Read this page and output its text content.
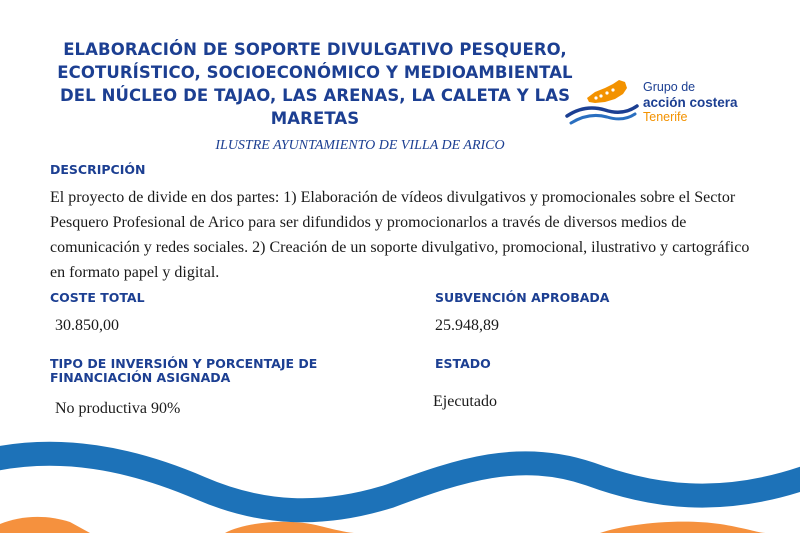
ELABORACIÓN DE SOPORTE DIVULGATIVO PESQUERO, ECOTURÍSTICO, SOCIOECONÓMICO Y MEDIOAMBIENTAL DEL NÚCLEO DE TAJAO, LAS ARENAS, LA CALETA Y LAS MARETAS
ILUSTRE AYUNTAMIENTO DE VILLA DE ARICO
Grupo de
acción costera
Tenerife
DESCRIPCIÓN
El proyecto de divide en dos partes: 1) Elaboración de vídeos divulgativos y promocionales sobre el Sector Pesquero Profesional de Arico para ser difundidos y promocionarlos a través de diversos medios de comunicación y redes sociales. 2) Creación de un soporte divulgativo, promocional, ilustrativo y cartográfico en formato papel y digital.
COSTE TOTAL
30.850,00
SUBVENCIÓN APROBADA
25.948,89
TIPO DE INVERSIÓN Y PORCENTAJE DE FINANCIACIÓN ASIGNADA
No productiva 90%
ESTADO
Ejecutado
